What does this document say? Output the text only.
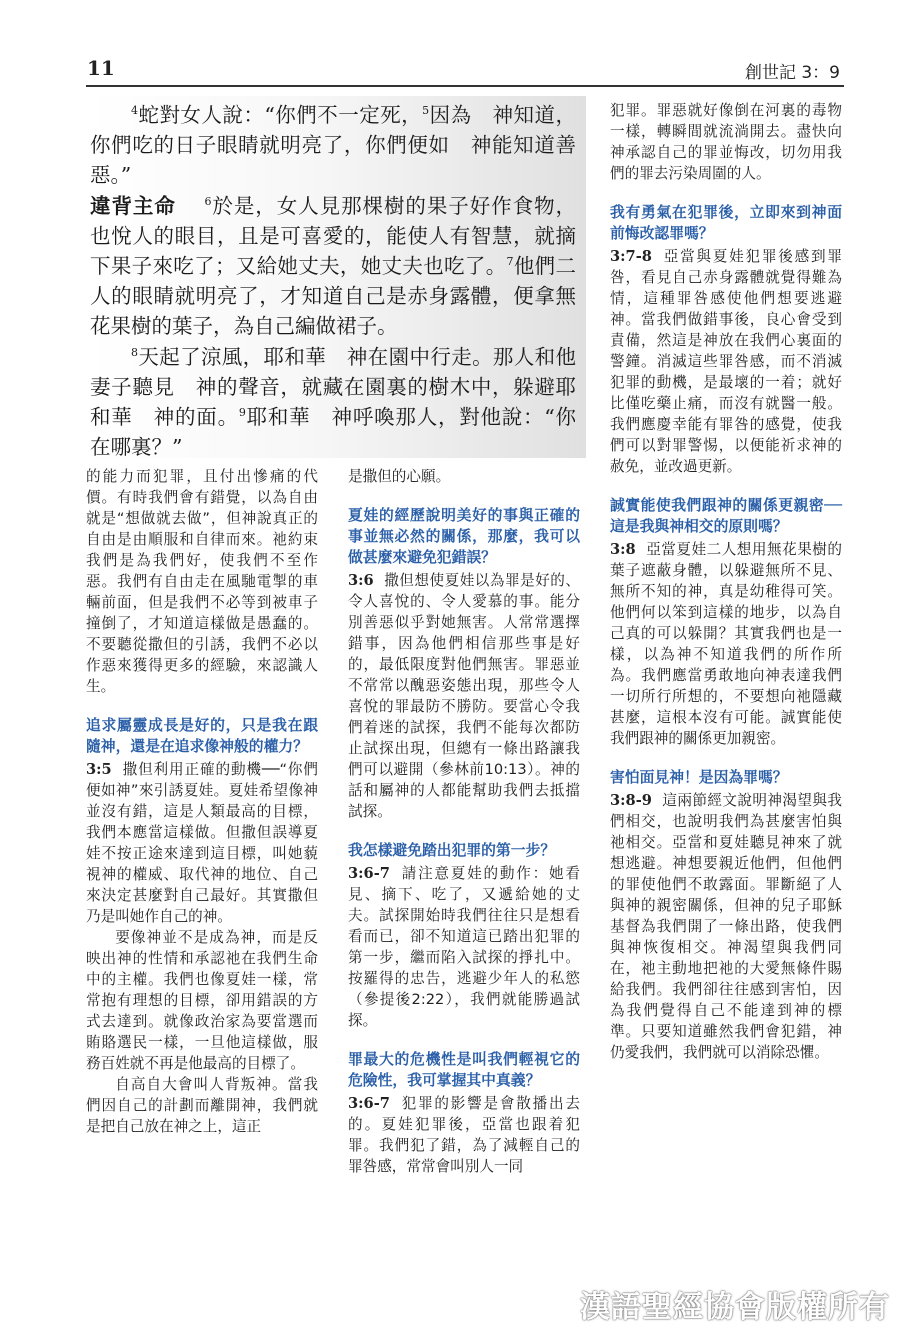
11	創世記 3：9

$^4$蛇對女人說：“你們不一定死，$^5$因為　神知道，你們吃的日子眼睛就明亮了，你們便如　神能知道善惡。”

違背主命	$^6$於是，女人見那棵樹的果子好作食物，也悅人的眼目，且是可喜愛的，能使人有智慧，就摘下果子來吃了；又給她丈夫，她丈夫也吃了。$^7$他們二人的眼睛就明亮了，才知道自己是赤身露體，便拿無花果樹的葉子，為自己編做裙子。

$^8$天起了涼風，耶和華　神在園中行走。那人和他妻子聽見　神的聲音，就藏在園裏的樹木中，躲避耶和華　神的面。$^9$耶和華　神呼喚那人，對他說：“你在哪裏？”

的能力而犯罪，且付出慘痛的代價。有時我們會有錯覺，以為自由就是“想做就去做”，但神說真正的自由是由順服和自律而來。祂約束我們是為我們好，使我們不至作惡。我們有自由走在風馳電掣的車輛前面，但是我們不必等到被車子撞倒了，才知道這樣做是愚蠢的。不要聽從撒但的引誘，我們不必以作惡來獲得更多的經驗，來認識人生。

追求屬靈成長是好的，只是我在跟隨神，還是在追求像神般的權力？

3:5 撒但利用正確的動機──“你們便如神”來引誘夏娃。夏娃希望像神並沒有錯，這是人類最高的目標，我們本應當這樣做。但撒但誤導夏娃不按正途來達到這目標，叫她藐視神的權威、取代神的地位、自己來決定甚麼對自己最好。其實撒但乃是叫她作自己的神。

要像神並不是成為神，而是反映出神的性情和承認祂在我們生命中的主權。我們也像夏娃一樣，常常抱有理想的目標，卻用錯誤的方式去達到。就像政治家為要當選而賄賂選民一樣，一旦他這樣做，服務百姓就不再是他最高的目標了。

自高自大會叫人背叛神。當我們因自己的計劃而離開神，我們就是把自己放在神之上，這正

是撒但的心願。

夏娃的經歷說明美好的事與正確的事並無必然的關係，那麼，我可以做甚麼來避免犯錯誤？

3:6 撒但想使夏娃以為罪是好的、令人喜悅的、令人愛慕的事。能分別善惡似乎對她無害。人常常選擇錯事，因為他們相信那些事是好的，最低限度對他們無害。罪惡並不常常以醜惡姿態出現，那些令人喜悅的罪最防不勝防。要當心令我們着迷的試探，我們不能每次都防止試探出現，但總有一條出路讓我們可以避開（參林前10:13）。神的話和屬神的人都能幫助我們去抵擋試探。

我怎樣避免踏出犯罪的第一步？

3:6-7 請注意夏娃的動作：她看見、摘下、吃了，又遞給她的丈夫。試探開始時我們往往只是想看看而已，卻不知道這已踏出犯罪的第一步，繼而陷入試探的掙扎中。按羅得的忠告，逃避少年人的私慾（參提後2:22），我們就能勝過試探。

罪最大的危機性是叫我們輕視它的危險性，我可掌握其中真義？

3:6-7 犯罪的影響是會散播出去的。夏娃犯罪後，亞當也跟着犯罪。我們犯了錯，為了減輕自己的罪咎感，常常會叫別人一同

犯罪。罪惡就好像倒在河裏的毒物一樣，轉瞬間就流淌開去。盡快向神承認自己的罪並悔改，切勿用我們的罪去污染周圍的人。

我有勇氣在犯罪後，立即來到神面前悔改認罪嗎？

3:7-8 亞當與夏娃犯罪後感到罪咎，看見自己赤身露體就覺得難為情，這種罪咎感使他們想要逃避神。當我們做錯事後，良心會受到責備，然這是神放在我們心裏面的警鐘。消滅這些罪咎感，而不消滅犯罪的動機，是最壞的一着；就好比僅吃藥止痛，而沒有就醫一般。我們應慶幸能有罪咎的感覺，使我們可以對罪警惕，以便能祈求神的赦免，並改過更新。

誠實能使我們跟神的關係更親密──這是我與神相交的原則嗎？

3:8 亞當夏娃二人想用無花果樹的葉子遮蔽身體，以躲避無所不見、無所不知的神，真是幼稚得可笑。他們何以笨到這樣的地步，以為自己真的可以躲開？其實我們也是一樣，以為神不知道我們的所作所為。我們應當勇敢地向神表達我們一切所行所想的，不要想向祂隱藏甚麼，這根本沒有可能。誠實能使我們跟神的關係更加親密。

害怕面見神！是因為罪嗎？

3:8-9 這兩節經文說明神渴望與我們相交，也說明我們為甚麼害怕與祂相交。亞當和夏娃聽見神來了就想逃避。神想要親近他們，但他們的罪使他們不敢露面。罪斷絕了人與神的親密關係，但神的兒子耶穌基督為我們開了一條出路，使我們與神恢復相交。神渴望與我們同在，祂主動地把祂的大愛無條件賜給我們。我們卻往往感到害怕，因為我們覺得自己不能達到神的標準。只要知道雖然我們會犯錯，神仍愛我們，我們就可以消除恐懼。

漢語聖經協會版權所有
